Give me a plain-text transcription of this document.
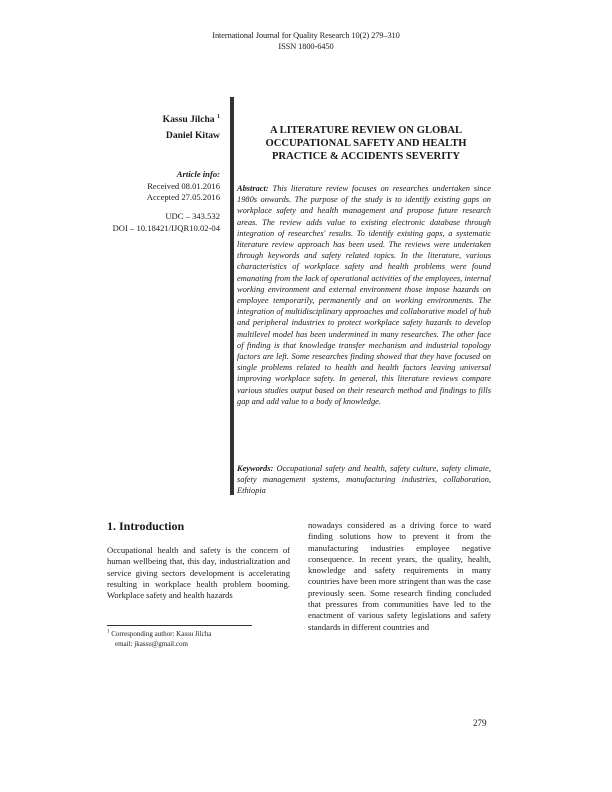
International Journal for Quality Research 10(2) 279–310
ISSN 1800-6450
Kassu Jilcha $^1$
Daniel Kitaw
Article info:
Received 08.01.2016
Accepted 27.05.2016
UDC – 343.532
DOI – 10.18421/IJQR10.02-04
A LITERATURE REVIEW ON GLOBAL OCCUPATIONAL SAFETY AND HEALTH PRACTICE & ACCIDENTS SEVERITY
Abstract: This literature review focuses on researches undertaken since 1980s onwards. The purpose of the study is to identify existing gaps on workplace safety and health management and propose future research areas. The review adds value to existing electronic database through integration of researches' results. To identify existing gaps, a systematic literature review approach has been used. The reviews were undertaken through keywords and safety related topics. In the literature, various characteristics of workplace safety and health problems were found emanating from the lack of operational activities of the employees, internal working environment and external environment those impose hazards on employee temporarily, permanently and on working environments. The integration of multidisciplinary approaches and collaborative model of hub and peripheral industries to protect workplace safety hazards to develop multilevel model has been undermined in many researches. The other face of finding is that knowledge transfer mechanism and industrial topology factors are left. Some researches finding showed that they have focused on single problems related to health and health factors leaving universal improving workplace safety. In general, this literature reviews compare various studies output based on their research method and findings to fills gap and add value to a body of knowledge.
Keywords: Occupational safety and health, safety culture, safety climate, safety management systems, manufacturing industries, collaboration, Ethiopia
1. Introduction
Occupational health and safety is the concern of human wellbeing that, this day, industrialization and service giving sectors development is accelerating resulting in workplace health problem booming. Workplace safety and health hazards
nowadays considered as a driving force to ward finding solutions how to prevent it from the manufacturing industries employee negative consequence. In recent years, the quality, health, knowledge and safety requirements in many countries have been more stringent than was the case previously seen. Some research finding concluded that pressures from communities have led to the enactment of various safety legislations and safety standards in different countries and
$^1$ Corresponding author: Kassu Jilcha
email: jkassu@gmail.com
279
